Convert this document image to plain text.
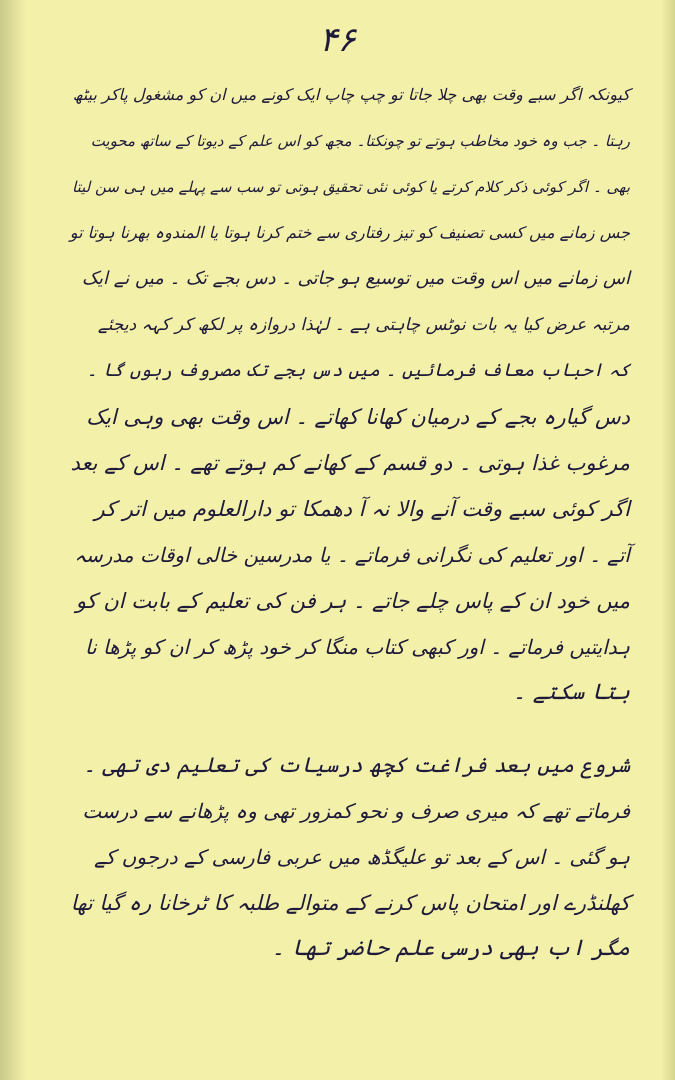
۴۶
کیونکہ اگر سبے وقت بھی چلا جاتا تو چپ چاپ ایک کونے میں ان کو مشغول پاکر بیٹھ
رہتا ۔ جب وہ خود مخاطب ہوتے تو چونکتا۔ مجھ کو اس علم کے دیوتا کے ساتھ محویت
بھی ۔ اگر کوئی ذکر کلام کرتے یا کوئی نئی تحقیق ہوتی تو سب سے پہلے میں ہی سن لیتا
جس زمانے میں کسی تصنیف کو تیز رفتاری سے ختم کرنا ہوتا یا المندوہ بھرنا ہوتا تو
اس زمانے میں اس وقت میں توسیع ہو جاتی ۔ دس بجے تک ۔ میں نے ایک
مرتبہ عرض کیا یہ بات نوٹس چاہتی ہے ۔ لہٰذا دروازہ پر لکھ کر کہہ دیجئے
کہ احباب معاف فرمائیں ۔ میں دس بجے تک مصروف رہوں گا ۔
دس گیارہ بجے کے درمیان کھانا کھاتے ۔ اس وقت بھی وہی ایک
مرغوب غذا ہوتی ۔ دو قسم کے کھانے کم ہوتے تھے ۔ اس کے بعد
اگر کوئی سبے وقت آنے والا نہ آ دھمکا تو دارالعلوم میں اتر کر
آتے ۔ اور تعلیم کی نگرانی فرماتے ۔ یا مدرسین خالی اوقات مدرسہ
میں خود ان کے پاس چلے جاتے ۔ ہر فن کی تعلیم کے بابت ان کو
ہدایتیں فرماتے ۔ اور کبھی کتاب منگا کر خود پڑھ کر ان کو پڑھا نا
بتا سکتے ۔
شروع میں بعد فراغت کچھ درسیات کی تعلیم دی تھی ۔
فرماتے تھے کہ میری صرف و نحو کمزور تھی وہ پڑھانے سے درست
ہو گئی ۔ اس کے بعد تو علیگڈھ میں عربی فارسی کے درجوں کے
کھلنڈرے اور امتحان پاس کرنے کے متوالے طلبہ کا ٹرخانا رہ گیا تھا
مگر اب بھی درسی علم حاضر تھا ۔
